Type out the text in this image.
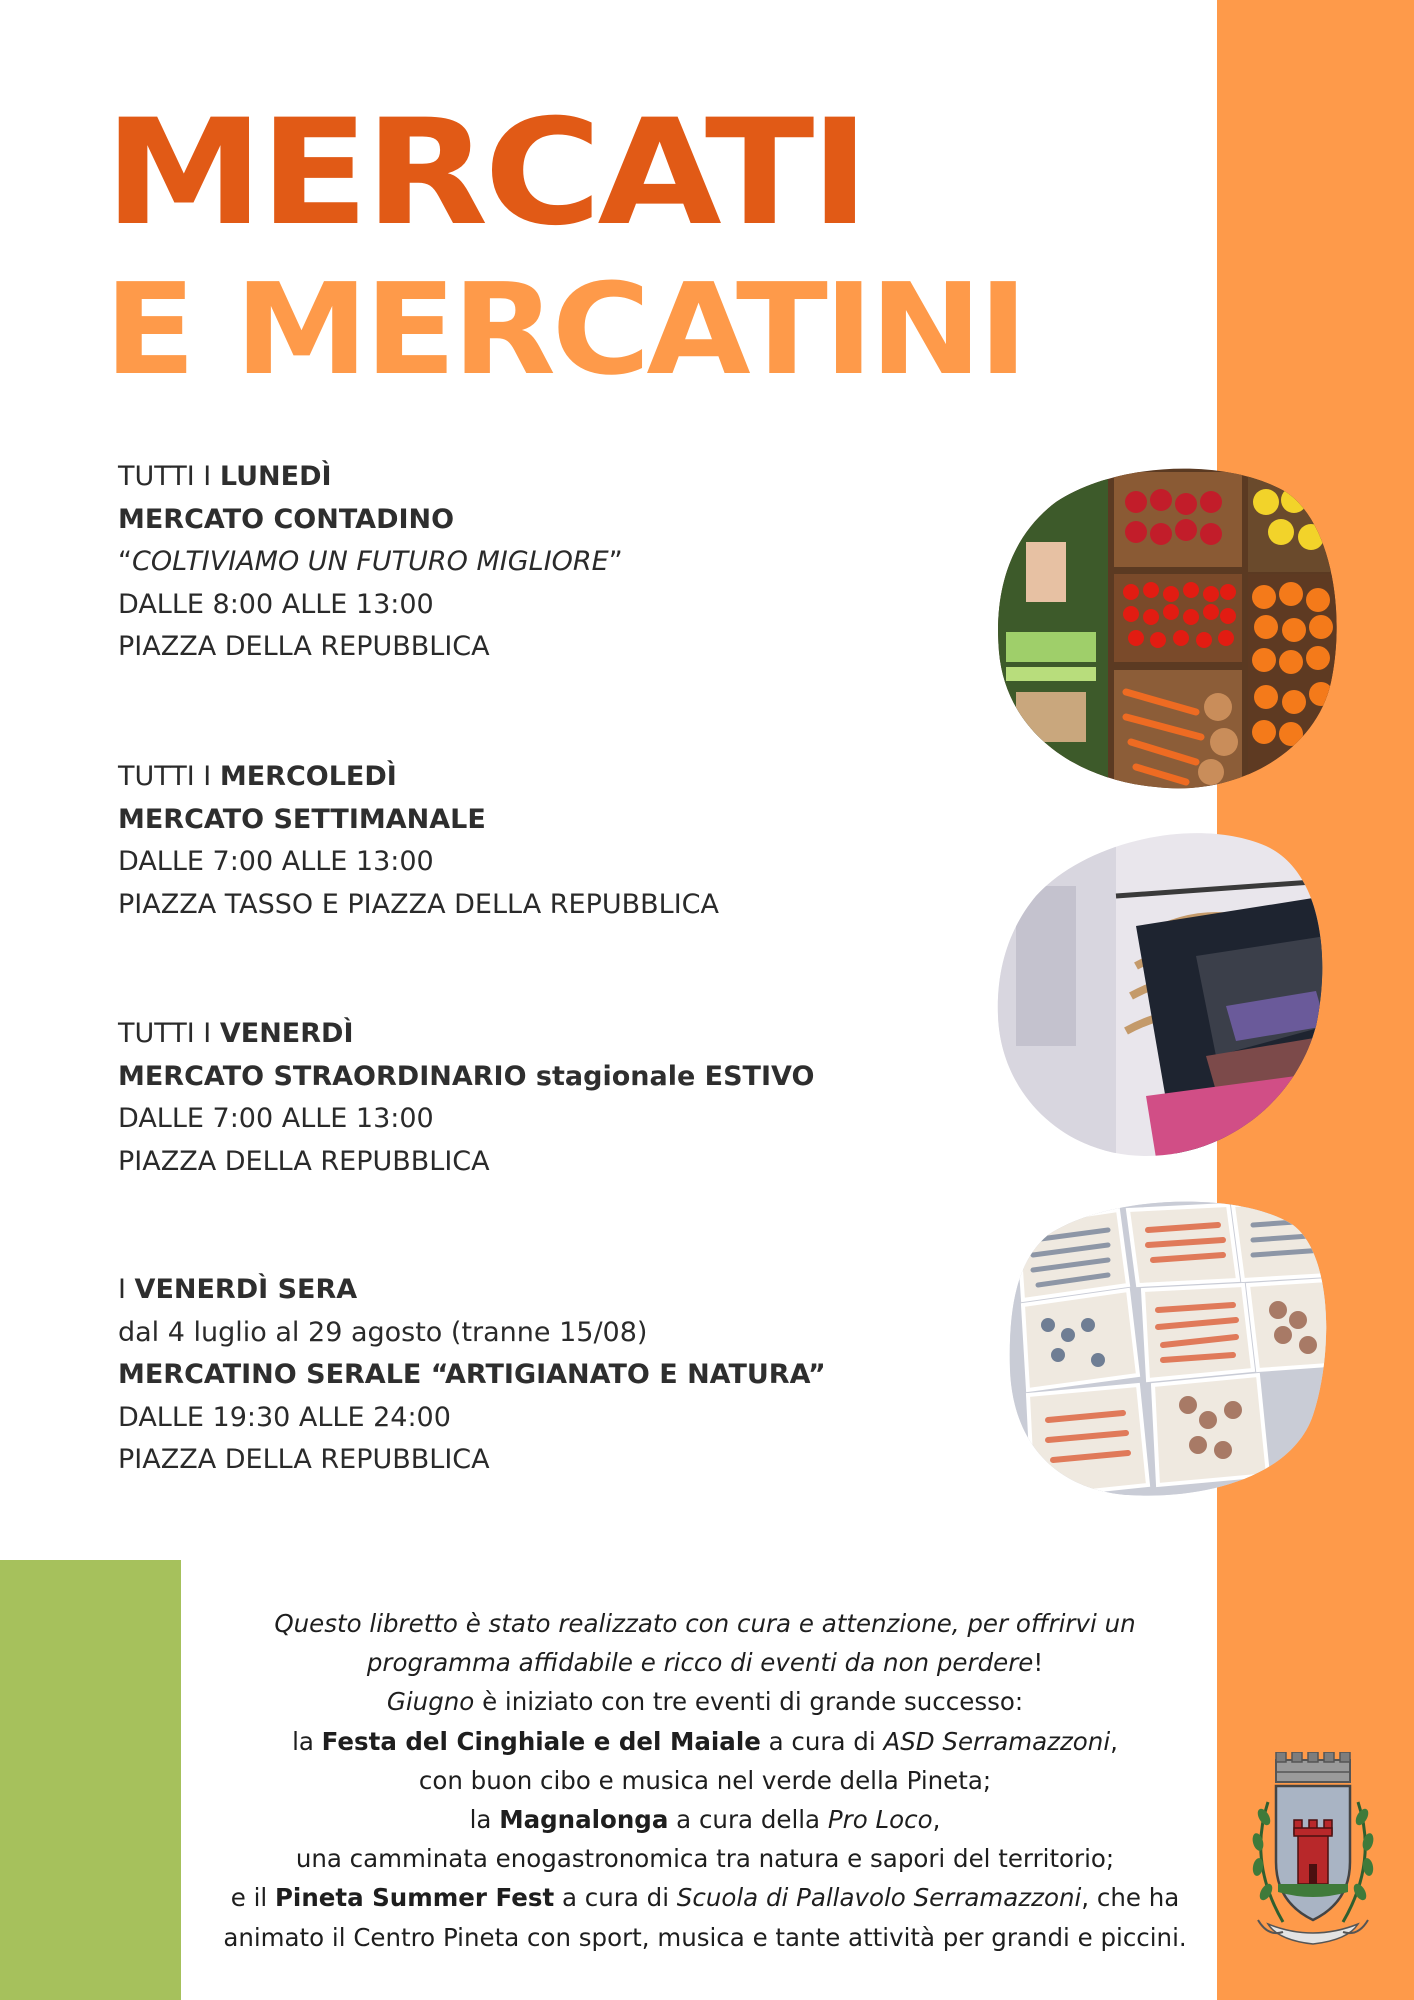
MERCATI
E MERCATINI
TUTTI I LUNEDÌ
MERCATO CONTADINO
“COLTIVIAMO UN FUTURO MIGLIORE”
DALLE 8:00 ALLE 13:00
PIAZZA DELLA REPUBBLICA
TUTTI I MERCOLEDÌ
MERCATO SETTIMANALE
DALLE 7:00 ALLE 13:00
PIAZZA TASSO E PIAZZA DELLA REPUBBLICA
TUTTI I VENERDÌ
MERCATO STRAORDINARIO stagionale ESTIVO
DALLE 7:00 ALLE 13:00
PIAZZA DELLA REPUBBLICA
I VENERDÌ SERA
dal 4 luglio al 29 agosto (tranne 15/08)
MERCATINO SERALE “ARTIGIANATO E NATURA”
DALLE 19:30 ALLE 24:00
PIAZZA DELLA REPUBBLICA
Questo libretto è stato realizzato con cura e attenzione, per offrirvi un
programma affidabile e ricco di eventi da non perdere!
Giugno è iniziato con tre eventi di grande successo:
la Festa del Cinghiale e del Maiale a cura di ASD Serramazzoni,
con buon cibo e musica nel verde della Pineta;
la Magnalonga a cura della Pro Loco,
una camminata enogastronomica tra natura e sapori del territorio;
e il Pineta Summer Fest a cura di Scuola di Pallavolo Serramazzoni, che ha
animato il Centro Pineta con sport, musica e tante attività per grandi e piccini.
